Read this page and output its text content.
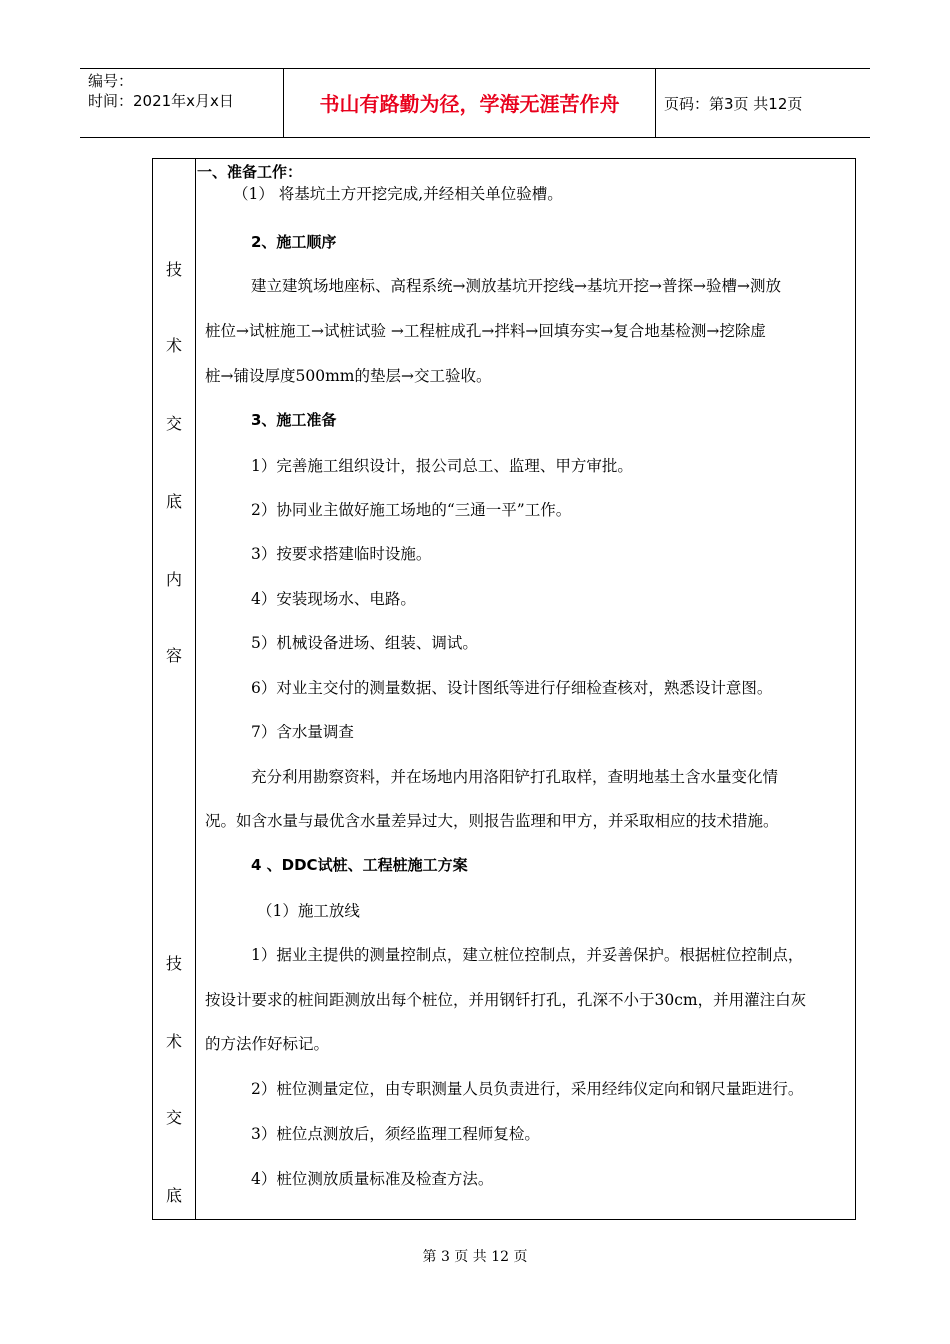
编号：
时间：2021年x月x日	书山有路勤为径，学海无涯苦作舟	页码：第3页 共12页
技
术
交
底
内
容
技
术
交
底
一、准备工作：
（1） 将基坑土方开挖完成,并经相关单位验槽。
2、施工顺序
建立建筑场地座标、高程系统→测放基坑开挖线→基坑开挖→普探→验槽→测放
桩位→试桩施工→试桩试验 →工程桩成孔→拌料→回填夯实→复合地基检测→挖除虚
桩→铺设厚度500mm的垫层→交工验收。
3、施工准备
1）完善施工组织设计，报公司总工、监理、甲方审批。
2）协同业主做好施工场地的“三通一平”工作。
3）按要求搭建临时设施。
4）安装现场水、电路。
5）机械设备进场、组装、调试。
6）对业主交付的测量数据、设计图纸等进行仔细检查核对，熟悉设计意图。
7）含水量调查
充分利用勘察资料，并在场地内用洛阳铲打孔取样，查明地基土含水量变化情
况。如含水量与最优含水量差异过大，则报告监理和甲方，并采取相应的技术措施。
4 、DDC试桩、工程桩施工方案
（1）施工放线
1）据业主提供的测量控制点，建立桩位控制点，并妥善保护。根据桩位控制点，
按设计要求的桩间距测放出每个桩位，并用钢钎打孔，孔深不小于30cm，并用灌注白灰
的方法作好标记。
2）桩位测量定位，由专职测量人员负责进行，采用经纬仪定向和钢尺量距进行。
3）桩位点测放后，须经监理工程师复检。
4）桩位测放质量标准及检查方法。
第 3 页 共 12 页
